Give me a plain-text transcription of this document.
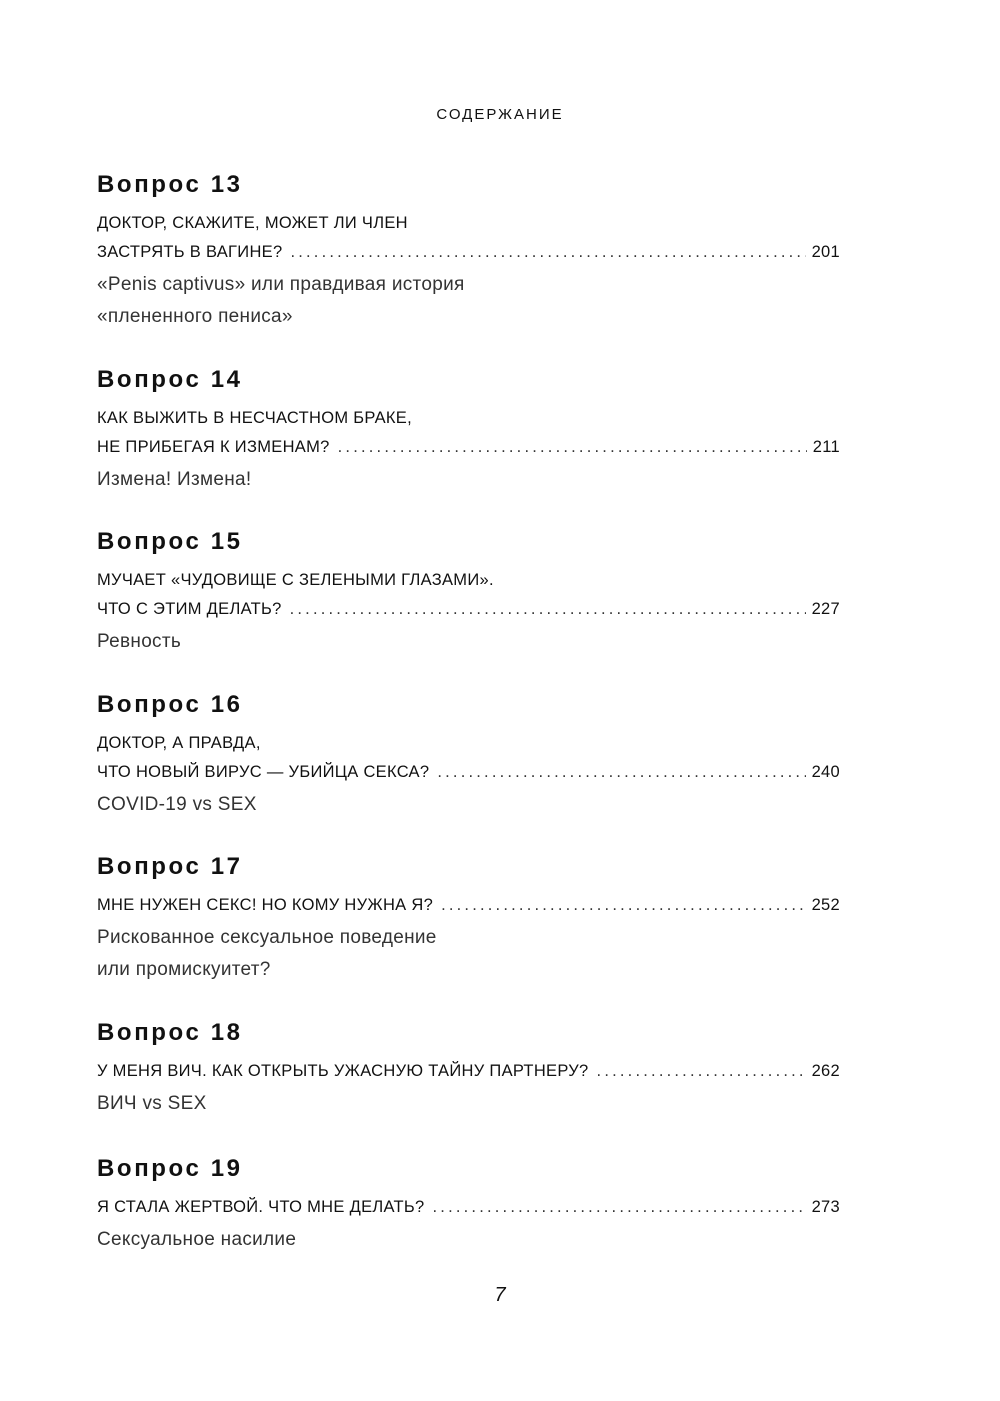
СОДЕРЖАНИЕ
Вопрос 13
ДОКТОР, СКАЖИТЕ, МОЖЕТ ЛИ ЧЛЕН
ЗАСТРЯТЬ В ВАГИНЕ? .....	201
«Penis captivus» или правдивая история
«плененного пениса»
Вопрос 14
КАК ВЫЖИТЬ В НЕСЧАСТНОМ БРАКЕ,
НЕ ПРИБЕГАЯ К ИЗМЕНАМ? .....	211
Измена! Измена!
Вопрос 15
МУЧАЕТ «ЧУДОВИЩЕ С ЗЕЛЕНЫМИ ГЛАЗАМИ».
ЧТО С ЭТИМ ДЕЛАТЬ? .....	227
Ревность
Вопрос 16
ДОКТОР, А ПРАВДА,
ЧТО НОВЫЙ ВИРУС — УБИЙЦА СЕКСА? .....	240
COVID-19 vs SEX
Вопрос 17
МНЕ НУЖЕН СЕКС! НО КОМУ НУЖНА Я? .....	252
Рискованное сексуальное поведение
или промискуитет?
Вопрос 18
У МЕНЯ ВИЧ. КАК ОТКРЫТЬ УЖАСНУЮ ТАЙНУ ПАРТНЕРУ? .....	262
ВИЧ vs SEX
Вопрос 19
Я СТАЛА ЖЕРТВОЙ. ЧТО МНЕ ДЕЛАТЬ? .....	273
Сексуальное насилие
7
